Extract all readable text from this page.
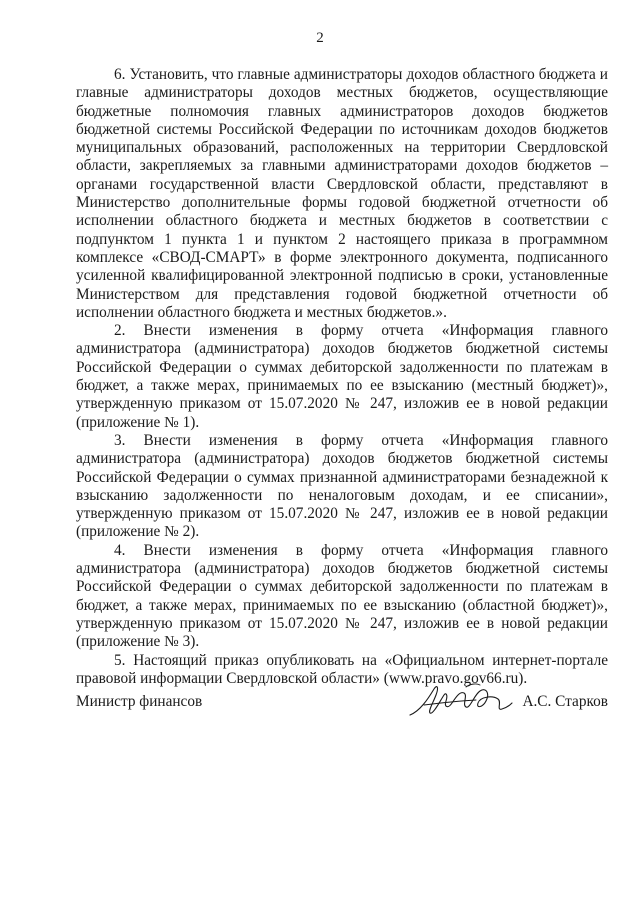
2

6. Установить, что главные администраторы доходов областного бюджета и главные администраторы доходов местных бюджетов, осуществляющие бюджетные полномочия главных администраторов доходов бюджетов бюджетной системы Российской Федерации по источникам доходов бюджетов муниципальных образований, расположенных на территории Свердловской области, закрепляемых за главными администраторами доходов бюджетов – органами государственной власти Свердловской области, представляют в Министерство дополнительные формы годовой бюджетной отчетности об исполнении областного бюджета и местных бюджетов в соответствии с подпунктом 1 пункта 1 и пунктом 2 настоящего приказа в программном комплексе «СВОД-СМАРТ» в форме электронного документа, подписанного усиленной квалифицированной электронной подписью в сроки, установленные Министерством для представления годовой бюджетной отчетности об исполнении областного бюджета и местных бюджетов.».

2. Внести изменения в форму отчета «Информация главного администратора (администратора) доходов бюджетов бюджетной системы Российской Федерации о суммах дебиторской задолженности по платежам в бюджет, а также мерах, принимаемых по ее взысканию (местный бюджет)», утвержденную приказом от 15.07.2020 № 247, изложив ее в новой редакции (приложение № 1).

3. Внести изменения в форму отчета «Информация главного администратора (администратора) доходов бюджетов бюджетной системы Российской Федерации о суммах признанной администраторами безнадежной к взысканию задолженности по неналоговым доходам, и ее списании», утвержденную приказом от 15.07.2020 № 247, изложив ее в новой редакции (приложение № 2).

4. Внести изменения в форму отчета «Информация главного администратора (администратора) доходов бюджетов бюджетной системы Российской Федерации о суммах дебиторской задолженности по платежам в бюджет, а также мерах, принимаемых по ее взысканию (областной бюджет)», утвержденную приказом от 15.07.2020 № 247, изложив ее в новой редакции (приложение № 3).

5. Настоящий приказ опубликовать на «Официальном интернет-портале правовой информации Свердловской области» (www.pravo.gov66.ru).

Министр финансов	А.С. Старков
